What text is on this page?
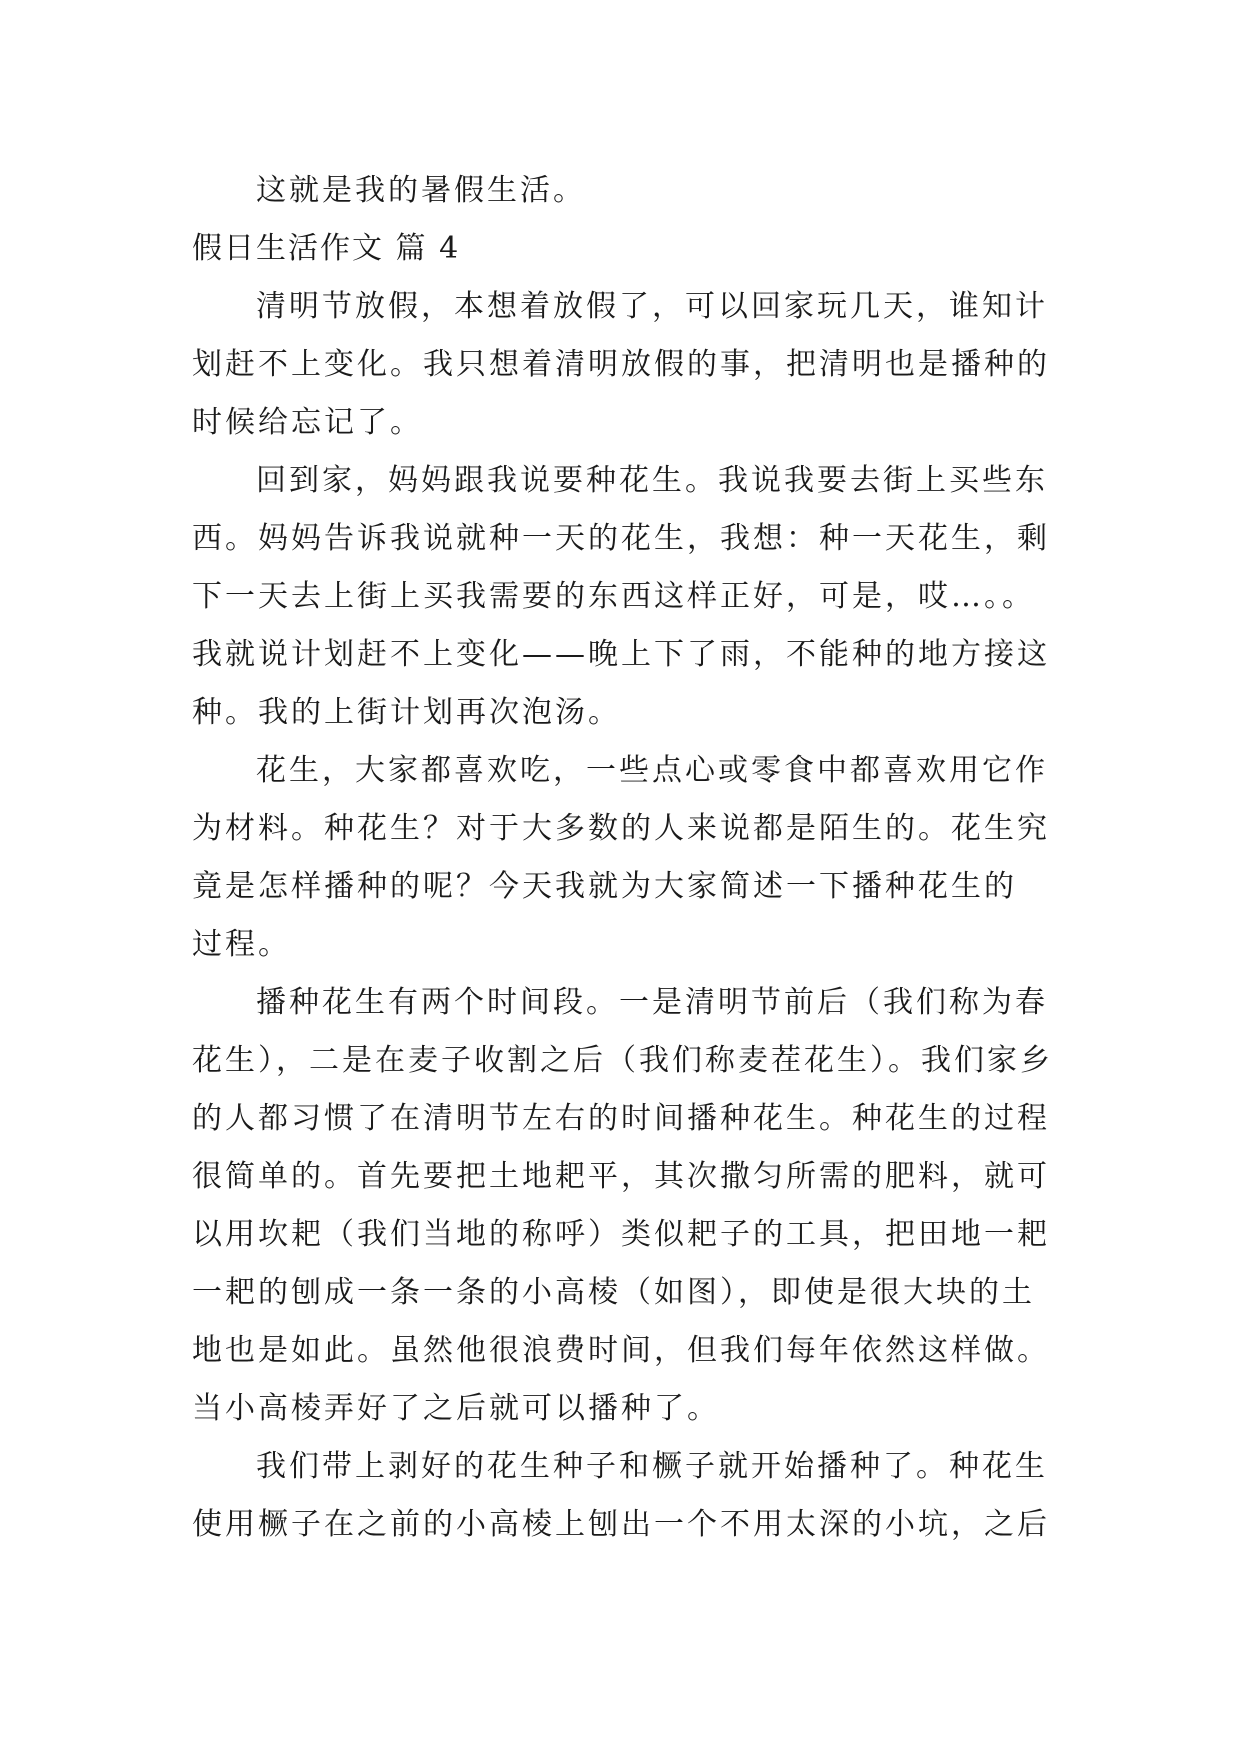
这就是我的暑假生活。
假日生活作文 篇 4
清明节放假，本想着放假了，可以回家玩几天，谁知计
划赶不上变化。我只想着清明放假的事，把清明也是播种的
时候给忘记了。
回到家，妈妈跟我说要种花生。我说我要去街上买些东
西。妈妈告诉我说就种一天的花生，我想：种一天花生，剩
下一天去上街上买我需要的东西这样正好，可是，哎…。。
我就说计划赶不上变化——晚上下了雨，不能种的地方接这
种。我的上街计划再次泡汤。
花生，大家都喜欢吃，一些点心或零食中都喜欢用它作
为材料。种花生？对于大多数的人来说都是陌生的。花生究
竟是怎样播种的呢？今天我就为大家简述一下播种花生的
过程。
播种花生有两个时间段。一是清明节前后（我们称为春
花生），二是在麦子收割之后（我们称麦茬花生）。我们家乡
的人都习惯了在清明节左右的时间播种花生。种花生的过程
很简单的。首先要把土地耙平，其次撒匀所需的肥料，就可
以用坎耙（我们当地的称呼）类似耙子的工具，把田地一耙
一耙的刨成一条一条的小高棱（如图），即使是很大块的土
地也是如此。虽然他很浪费时间，但我们每年依然这样做。
当小高棱弄好了之后就可以播种了。
我们带上剥好的花生种子和橛子就开始播种了。种花生
使用橛子在之前的小高棱上刨出一个不用太深的小坑，之后
